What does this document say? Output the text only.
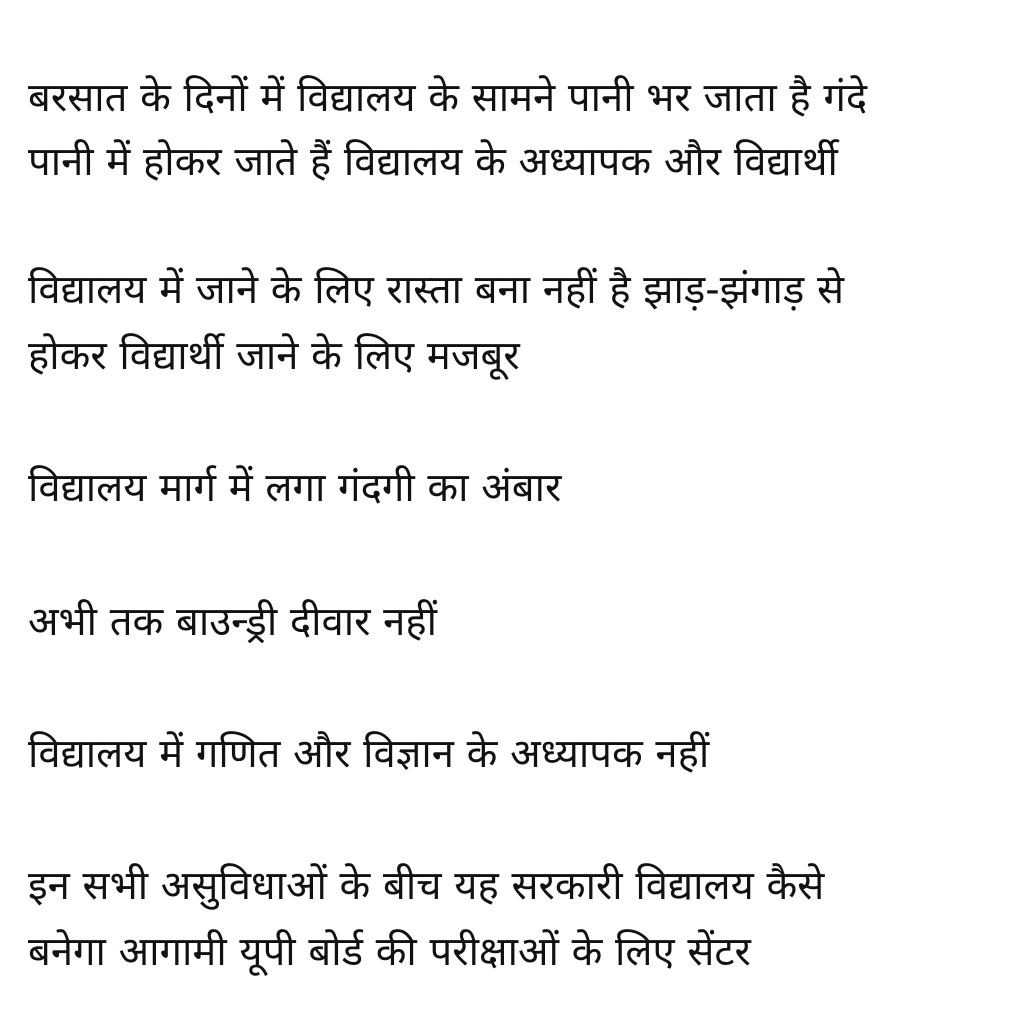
बरसात के दिनों में विद्यालय के सामने पानी भर जाता है गंदे
पानी में होकर जाते हैं विद्यालय के अध्यापक और विद्यार्थी
विद्यालय में जाने के लिए रास्ता बना नहीं है झाड़-झंगाड़ से
होकर विद्यार्थी जाने के लिए मजबूर
विद्यालय मार्ग में लगा गंदगी का अंबार
अभी तक बाउन्ड्री दीवार नहीं
विद्यालय में गणित और विज्ञान के अध्यापक नहीं
इन सभी असुविधाओं के बीच यह सरकारी विद्यालय कैसे
बनेगा आगामी यूपी बोर्ड की परीक्षाओं के लिए सेंटर
